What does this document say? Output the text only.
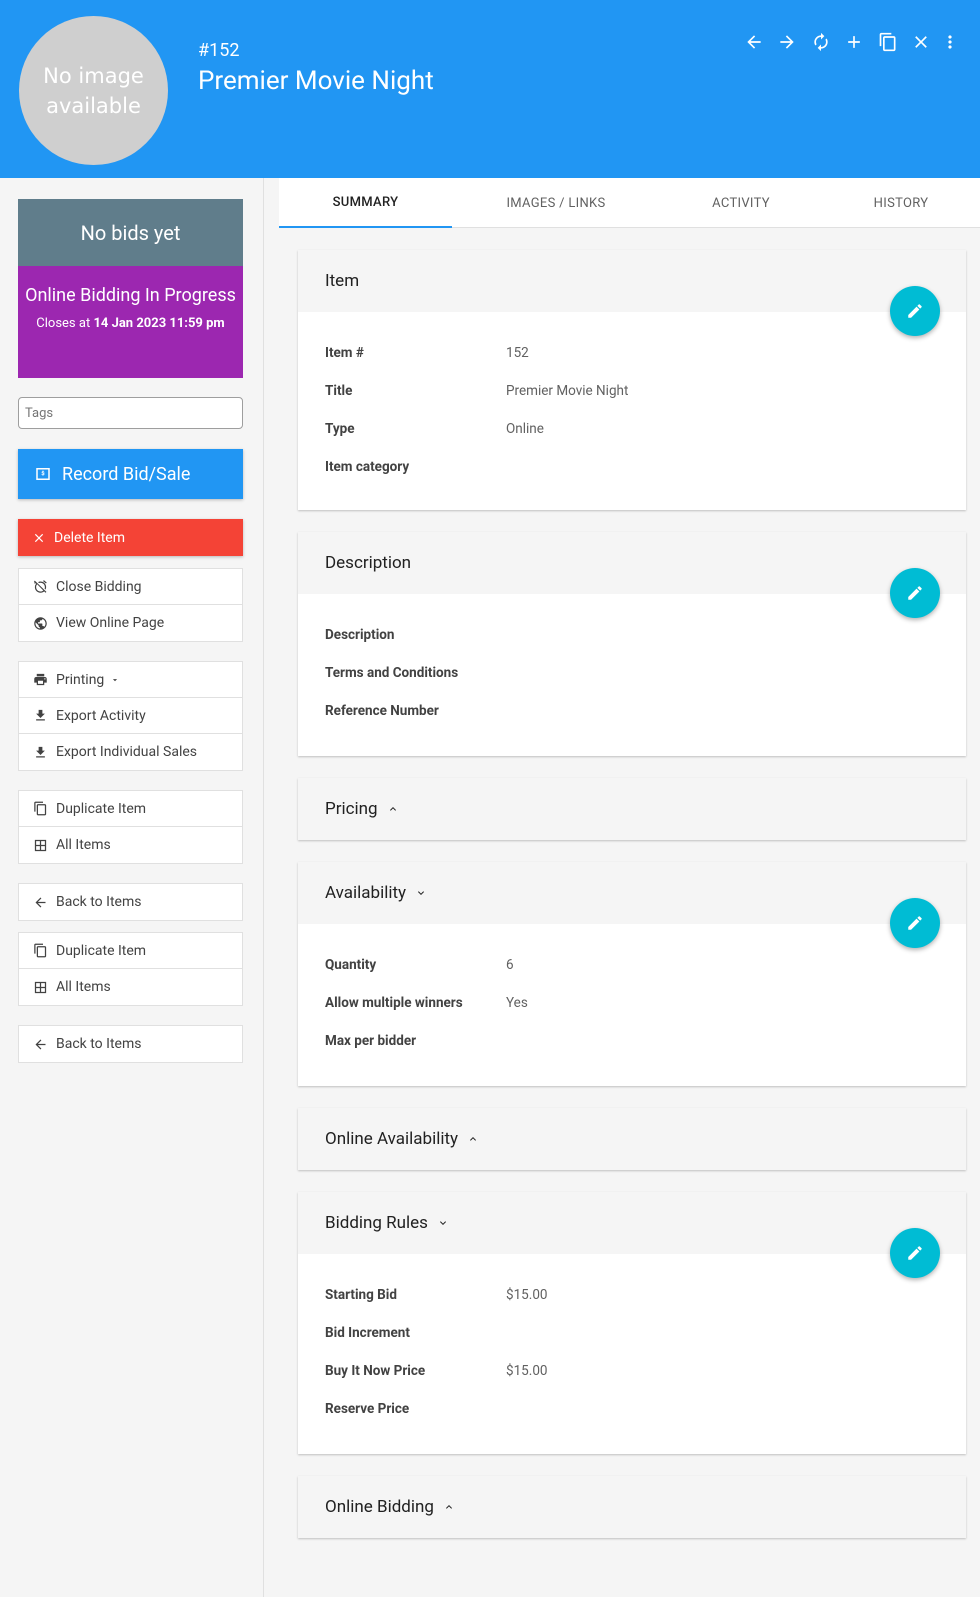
No image available
#152
Premier Movie Night
No bids yet
Online Bidding In Progress
Closes at 14 Jan 2023 11:59 pm
Tags
Record Bid/Sale
Delete Item
Close Bidding
View Online Page
Printing
Export Activity
Export Individual Sales
Duplicate Item
All Items
Back to Items
Duplicate Item
All Items
Back to Items
SUMMARY	IMAGES / LINKS	ACTIVITY	HISTORY
Item
Item #	152
Title	Premier Movie Night
Type	Online
Item category
Description
Description
Terms and Conditions
Reference Number
Pricing
Availability
Quantity	6
Allow multiple winners	Yes
Max per bidder
Online Availability
Bidding Rules
Starting Bid	$15.00
Bid Increment
Buy It Now Price	$15.00
Reserve Price
Online Bidding
